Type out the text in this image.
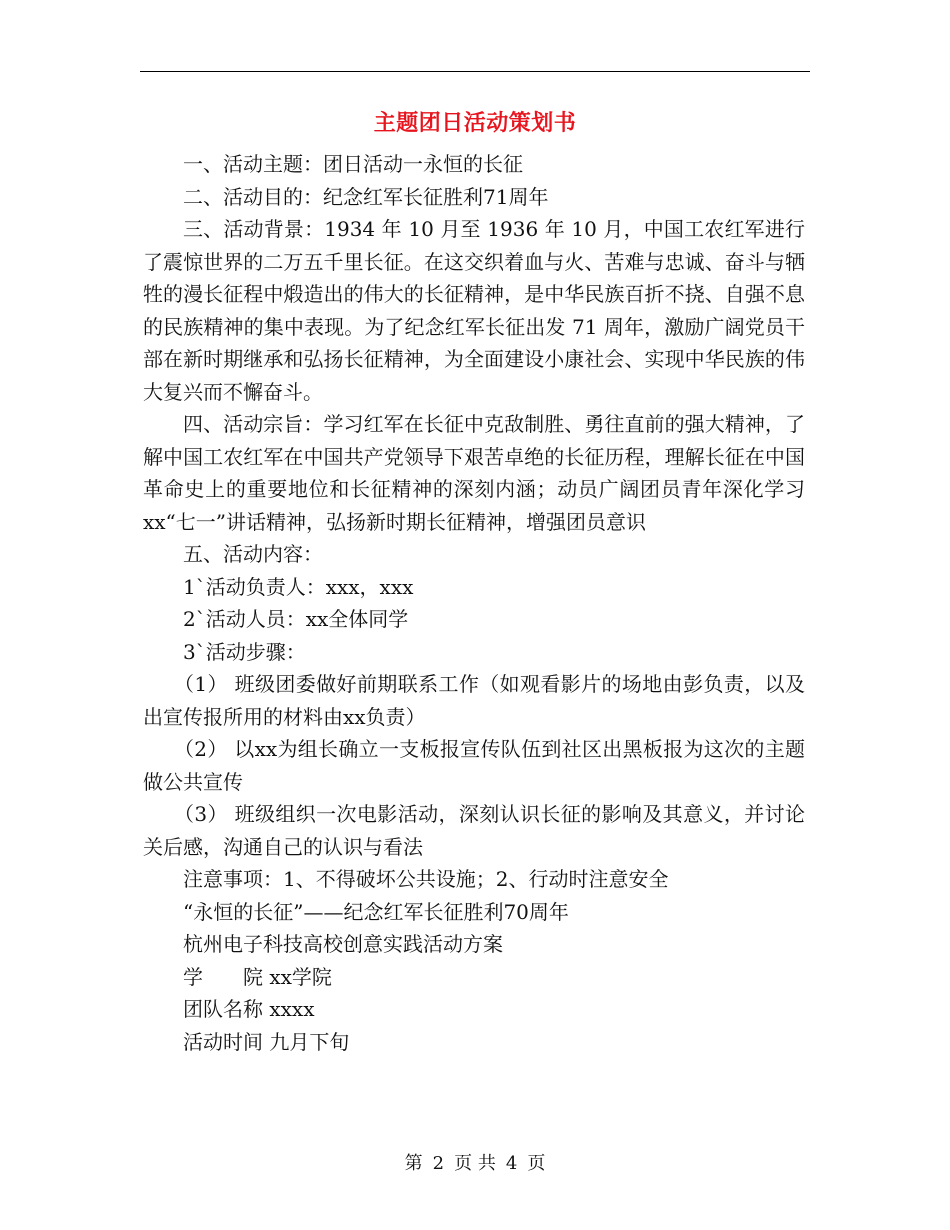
主题团日活动策划书

一、活动主题：团日活动一永恒的长征

二、活动目的：纪念红军长征胜利71周年

三、活动背景：1934 年 10 月至 1936 年 10 月，中国工农红军进行了震惊世界的二万五千里长征。在这交织着血与火、苦难与忠诚、奋斗与牺牲的漫长征程中煅造出的伟大的长征精神，是中华民族百折不挠、自强不息的民族精神的集中表现。为了纪念红军长征出发 71 周年，激励广阔党员干部在新时期继承和弘扬长征精神，为全面建设小康社会、实现中华民族的伟大复兴而不懈奋斗。

四、活动宗旨：学习红军在长征中克敌制胜、勇往直前的强大精神，了解中国工农红军在中国共产党领导下艰苦卓绝的长征历程，理解长征在中国革命史上的重要地位和长征精神的深刻内涵；动员广阔团员青年深化学习xx“七一”讲话精神，弘扬新时期长征精神，增强团员意识

五、活动内容：

1`活动负责人：xxx，xxx

2`活动人员：xx全体同学

3`活动步骤：

（1） 班级团委做好前期联系工作（如观看影片的场地由彭负责，以及出宣传报所用的材料由xx负责）

（2） 以xx为组长确立一支板报宣传队伍到社区出黑板报为这次的主题做公共宣传

（3） 班级组织一次电影活动，深刻认识长征的影响及其意义，并讨论关后感，沟通自己的认识与看法

注意事项：1、不得破坏公共设施；2、行动时注意安全

“永恒的长征”——纪念红军长征胜利70周年

杭州电子科技高校创意实践活动方案

学　　院 xx学院

团队名称 xxxx

活动时间 九月下旬

第 2 页 共 4 页
